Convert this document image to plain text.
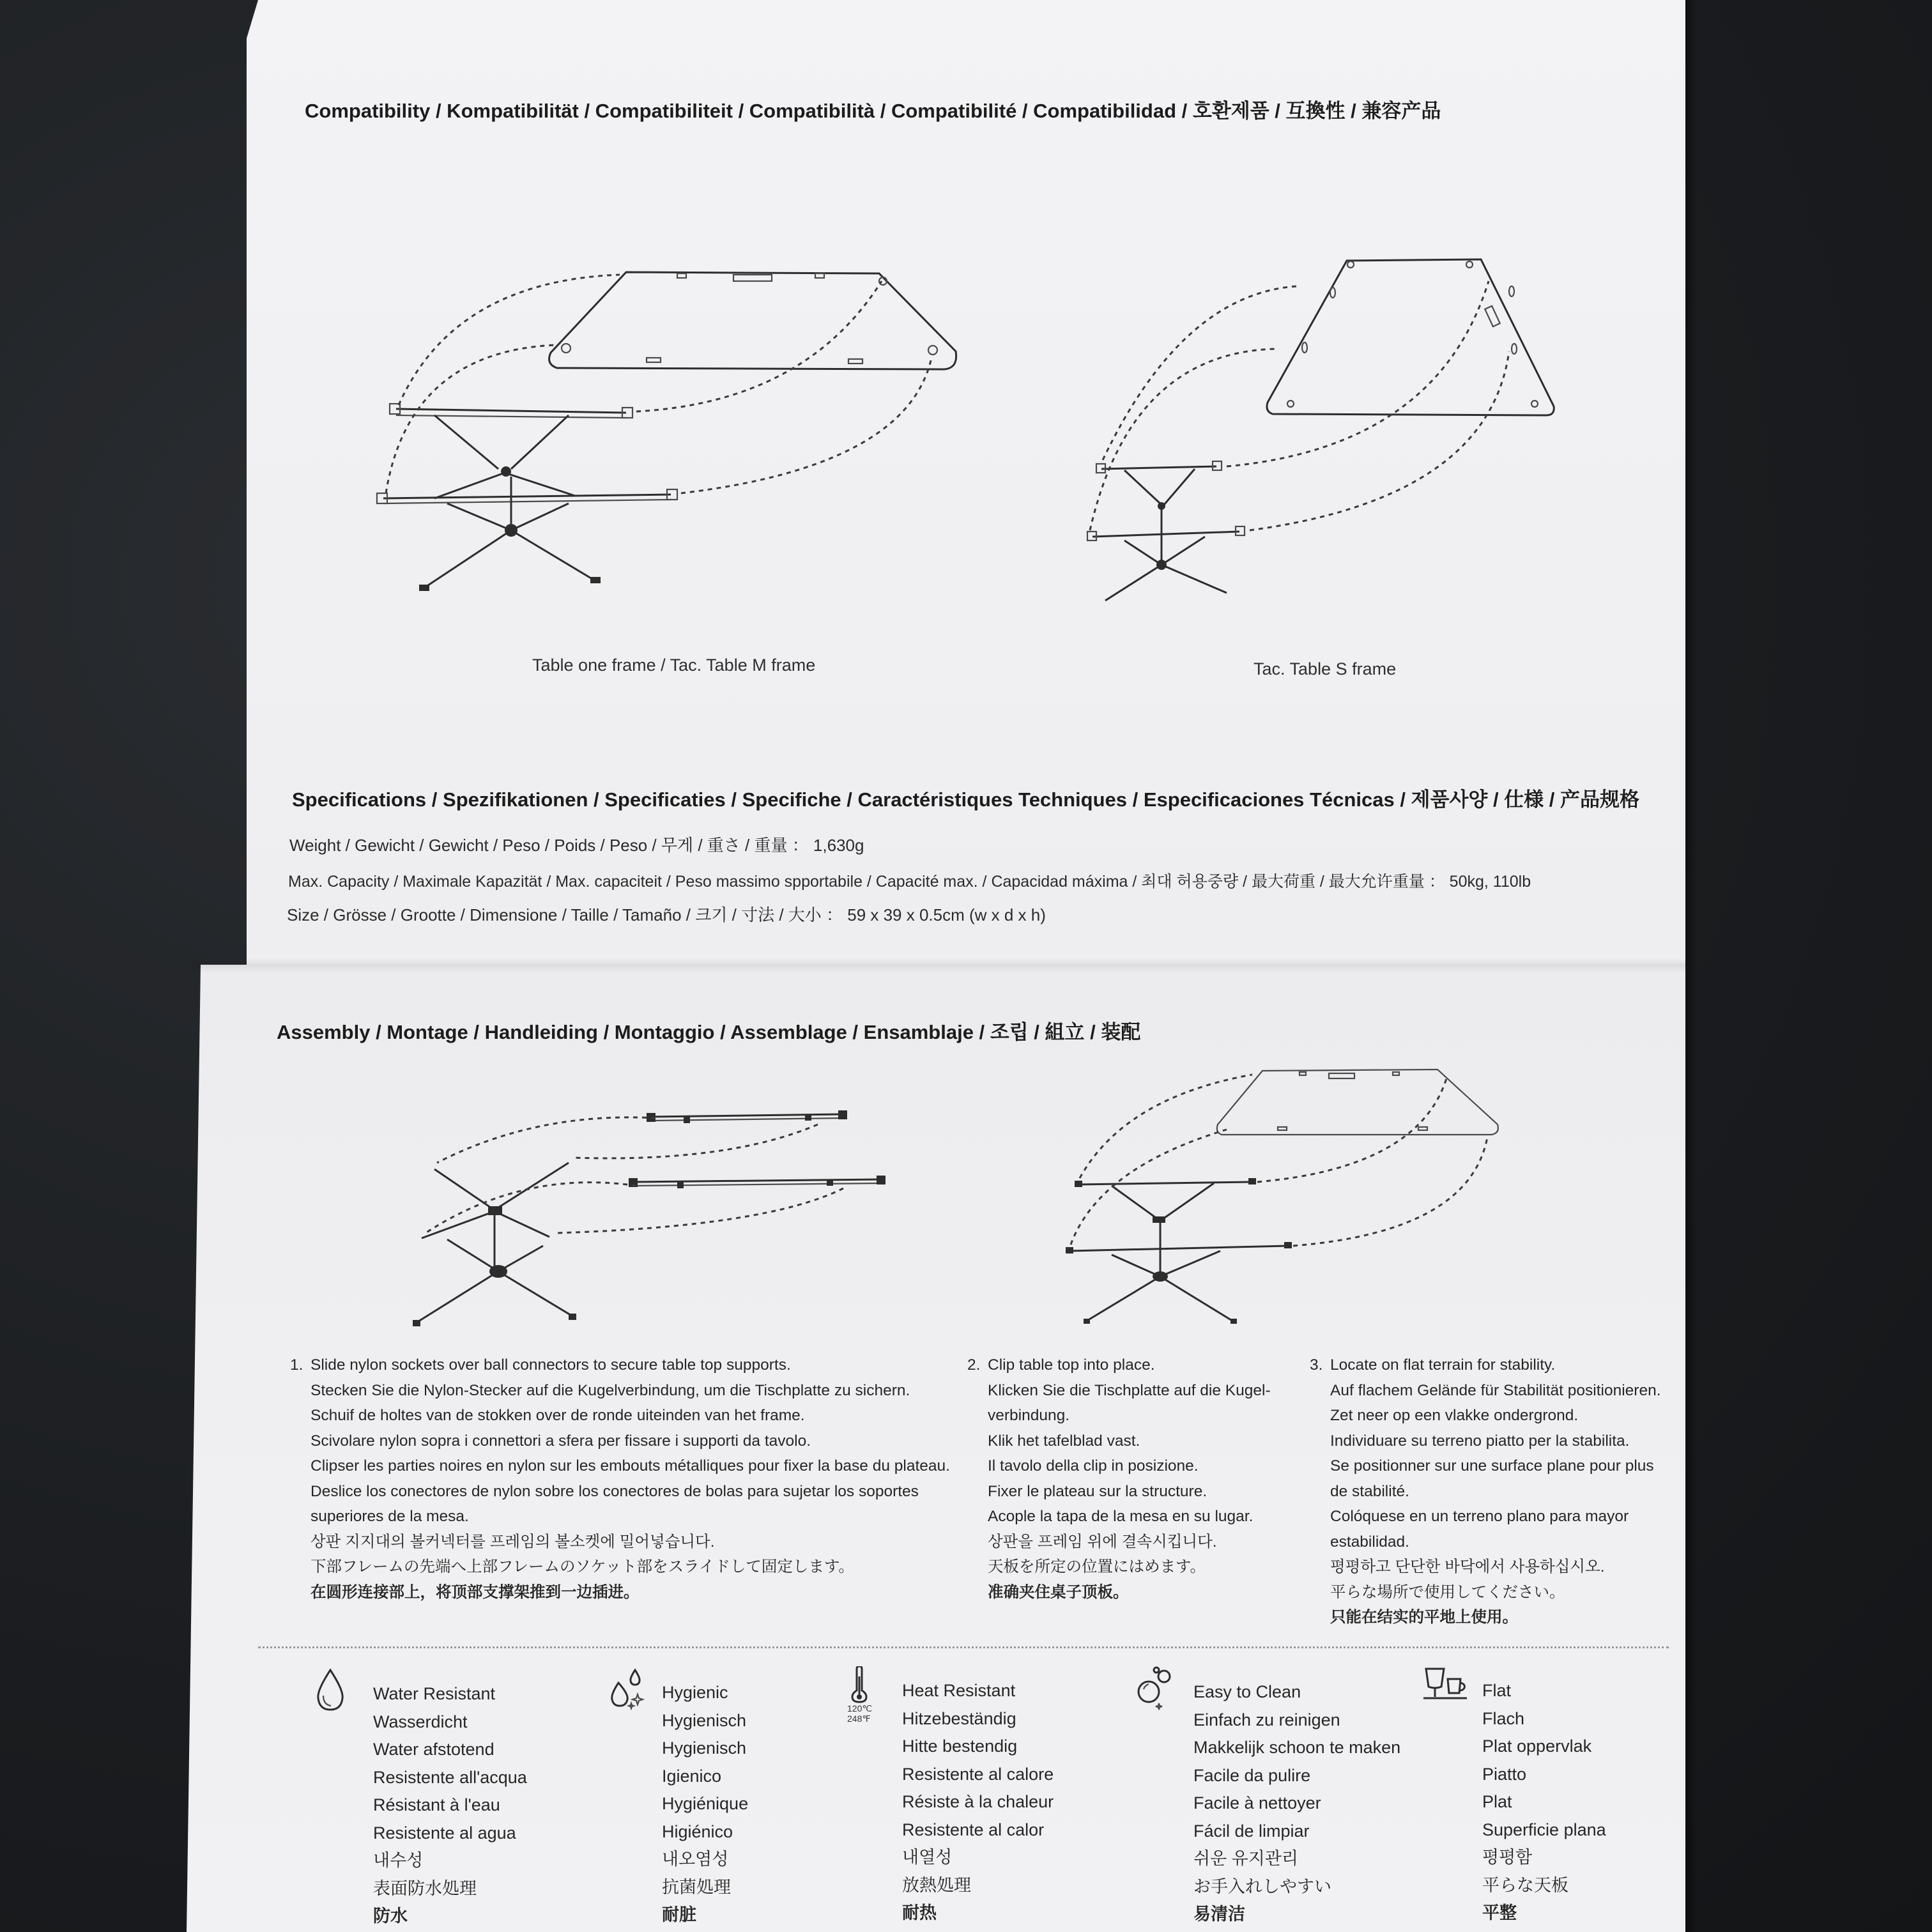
Compatibility / Kompatibilität / Compatibiliteit / Compatibilità / Compatibilité / Compatibilidad / 호환제품 / 互換性 / 兼容产品
Table one frame / Tac. Table M frame	Tac. Table S frame
Specifications / Spezifikationen / Specificaties / Specifiche / Caractéristiques Techniques / Especificaciones Técnicas / 제품사양 / 仕様 / 产品规格
Weight / Gewicht / Gewicht / Peso / Poids / Peso / 무게 / 重さ / 重量 ： 1,630g
Max. Capacity / Maximale Kapazität / Max. capaciteit / Peso massimo spportabile / Capacité max. / Capacidad máxima / 최대 허용중량 / 最大荷重 / 最大允许重量 ： 50kg, 110lb
Size / Grösse / Grootte / Dimensione / Taille / Tamaño / 크기 / 寸法 / 大小 ： 59 x 39 x 0.5cm (w x d x h)
Assembly / Montage / Handleiding / Montaggio / Assemblage / Ensamblaje / 조립 / 組立 / 装配
1. Slide nylon sockets over ball connectors to secure table top supports.
Stecken Sie die Nylon-Stecker auf die Kugelverbindung, um die Tischplatte zu sichern.
Schuif de holtes van de stokken over de ronde uiteinden van het frame.
Scivolare nylon sopra i connettori a sfera per fissare i supporti da tavolo.
Clipser les parties noires en nylon sur les embouts métalliques pour fixer la base du plateau.
Deslice los conectores de nylon sobre los conectores de bolas para sujetar los soportes
superiores de la mesa.
상판 지지대의 볼커넥터를 프레임의 볼소켓에 밀어넣습니다.
下部フレームの先端へ上部フレームのソケット部をスライドして固定します。
在圆形连接部上，将顶部支撑架推到一边插进。
2. Clip table top into place.
Klicken Sie die Tischplatte auf die Kugel-
verbindung.
Klik het tafelblad vast.
Il tavolo della clip in posizione.
Fixer le plateau sur la structure.
Acople la tapa de la mesa en su lugar.
상판을 프레임 위에 결속시킵니다.
天板を所定の位置にはめます。
准确夹住桌子顶板。
3. Locate on flat terrain for stability.
Auf flachem Gelände für Stabilität positionieren.
Zet neer op een vlakke ondergrond.
Individuare su terreno piatto per la stabilita.
Se positionner sur une surface plane pour plus
de stabilité.
Colóquese en un terreno plano para mayor
estabilidad.
평평하고 단단한 바닥에서 사용하십시오.
平らな場所で使用してください。
只能在结实的平地上使用。
Water Resistant
Wasserdicht
Water afstotend
Resistente all'acqua
Résistant à l'eau
Resistente al agua
내수성
表面防水処理
防水
Hygienic
Hygienisch
Hygienisch
Igienico
Hygiénique
Higiénico
내오염성
抗菌処理
耐脏
120℃
248℉
Heat Resistant
Hitzebeständig
Hitte bestendig
Resistente al calore
Résiste à la chaleur
Resistente al calor
내열성
放熱処理
耐热
Easy to Clean
Einfach zu reinigen
Makkelijk schoon te maken
Facile da pulire
Facile à nettoyer
Fácil de limpiar
쉬운 유지관리
お手入れしやすい
易清洁
Flat
Flach
Plat oppervlak
Piatto
Plat
Superficie plana
평평함
平らな天板
平整
